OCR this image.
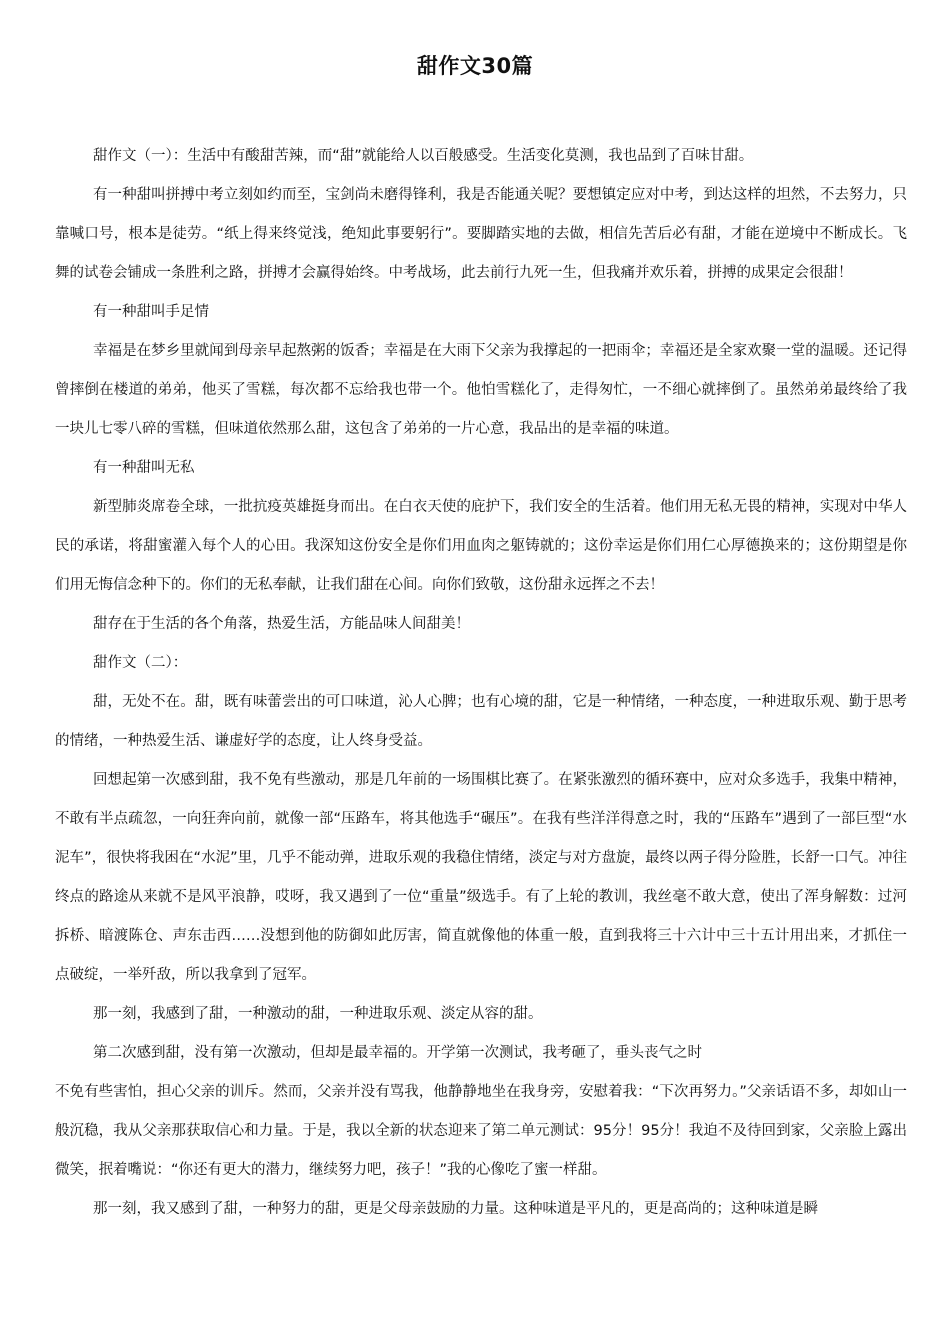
甜作文30篇

甜作文（一）：生活中有酸甜苦辣，而“甜”就能给人以百般感受。生活变化莫测，我也品到了百味甘甜。

有一种甜叫拼搏中考立刻如约而至，宝剑尚未磨得锋利，我是否能通关呢？要想镇定应对中考，到达这样的坦然，不去努力，只靠喊口号，根本是徒劳。“纸上得来终觉浅，绝知此事要躬行”。要脚踏实地的去做，相信先苦后必有甜，才能在逆境中不断成长。飞舞的试卷会铺成一条胜利之路，拼搏才会赢得始终。中考战场，此去前行九死一生，但我痛并欢乐着，拼搏的成果定会很甜！

有一种甜叫手足情

幸福是在梦乡里就闻到母亲早起熬粥的饭香；幸福是在大雨下父亲为我撑起的一把雨伞；幸福还是全家欢聚一堂的温暖。还记得曾摔倒在楼道的弟弟，他买了雪糕，每次都不忘给我也带一个。他怕雪糕化了，走得匆忙，一不细心就摔倒了。虽然弟弟最终给了我一块儿七零八碎的雪糕，但味道依然那么甜，这包含了弟弟的一片心意，我品出的是幸福的味道。

有一种甜叫无私

新型肺炎席卷全球，一批抗疫英雄挺身而出。在白衣天使的庇护下，我们安全的生活着。他们用无私无畏的精神，实现对中华人民的承诺，将甜蜜灌入每个人的心田。我深知这份安全是你们用血肉之躯铸就的；这份幸运是你们用仁心厚德换来的；这份期望是你们用无悔信念种下的。你们的无私奉献，让我们甜在心间。向你们致敬，这份甜永远挥之不去！

甜存在于生活的各个角落，热爱生活，方能品味人间甜美！

甜作文（二）：

甜，无处不在。甜，既有味蕾尝出的可口味道，沁人心脾；也有心境的甜，它是一种情绪，一种态度，一种进取乐观、勤于思考的情绪，一种热爱生活、谦虚好学的态度，让人终身受益。

回想起第一次感到甜，我不免有些激动，那是几年前的一场围棋比赛了。在紧张激烈的循环赛中，应对众多选手，我集中精神，不敢有半点疏忽，一向狂奔向前，就像一部“压路车，将其他选手“碾压”。在我有些洋洋得意之时，我的“压路车”遇到了一部巨型“水泥车”，很快将我困在“水泥”里，几乎不能动弹，进取乐观的我稳住情绪，淡定与对方盘旋，最终以两子得分险胜，长舒一口气。冲往终点的路途从来就不是风平浪静，哎呀，我又遇到了一位“重量”级选手。有了上轮的教训，我丝毫不敢大意，使出了浑身解数：过河拆桥、暗渡陈仓、声东击西……没想到他的防御如此厉害，简直就像他的体重一般，直到我将三十六计中三十五计用出来，才抓住一点破绽，一举歼敌，所以我拿到了冠军。

那一刻，我感到了甜，一种激动的甜，一种进取乐观、淡定从容的甜。

第二次感到甜，没有第一次激动，但却是最幸福的。开学第一次测试，我考砸了，垂头丧气之时

不免有些害怕，担心父亲的训斥。然而，父亲并没有骂我，他静静地坐在我身旁，安慰着我：“下次再努力。”父亲话语不多，却如山一般沉稳，我从父亲那获取信心和力量。于是，我以全新的状态迎来了第二单元测试：95分！95分！我迫不及待回到家，父亲脸上露出微笑，抿着嘴说：“你还有更大的潜力，继续努力吧，孩子！”我的心像吃了蜜一样甜。

那一刻，我又感到了甜，一种努力的甜，更是父母亲鼓励的力量。这种味道是平凡的，更是高尚的；这种味道是瞬
